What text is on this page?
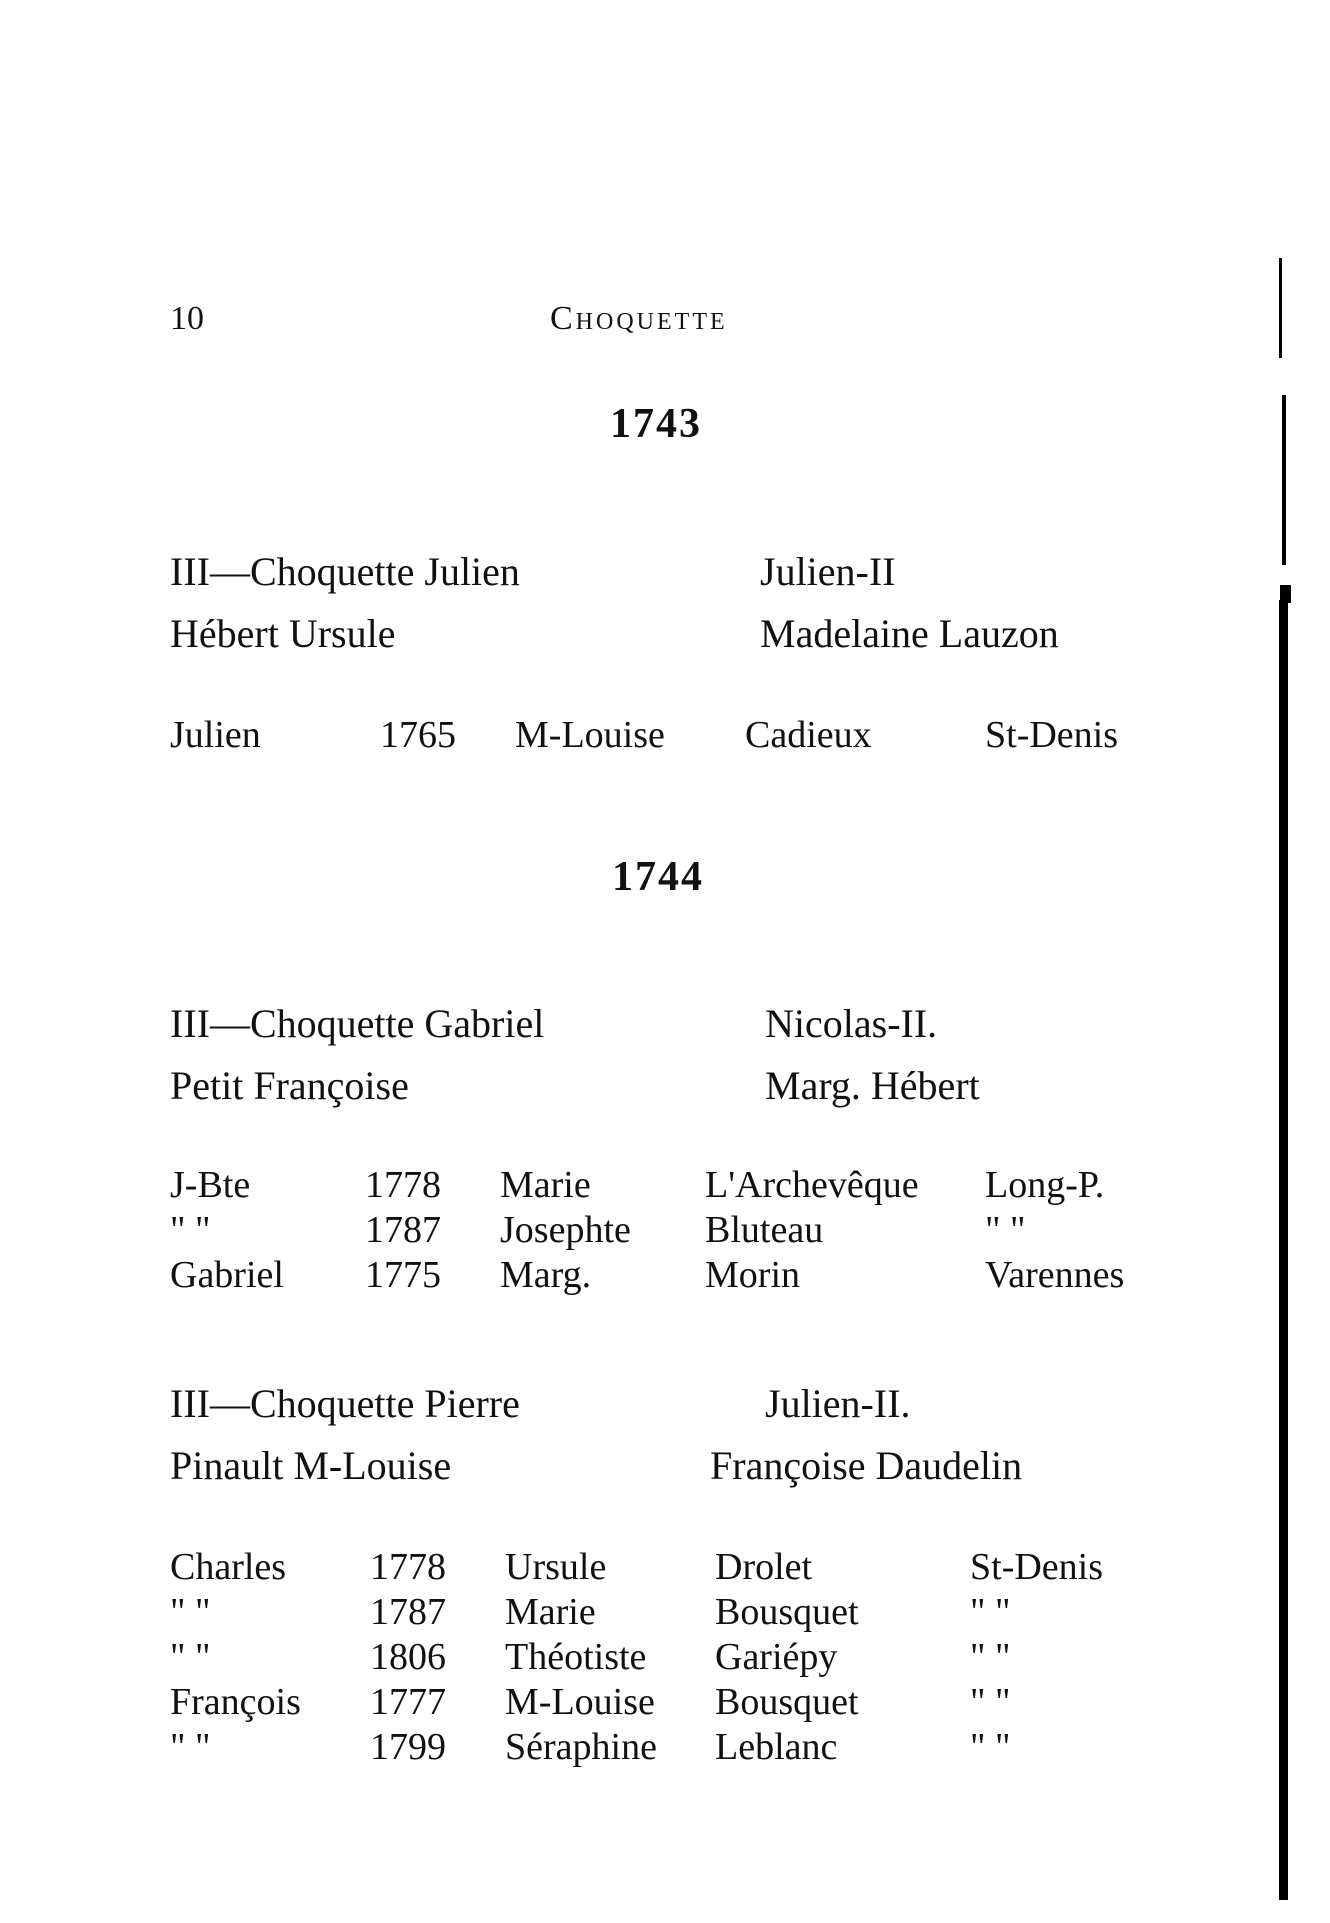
10	Choquette
1743
III—Choquette Julien	Julien-II
Hébert Ursule	Madelaine Lauzon
Julien	1765	M-Louise	Cadieux	St-Denis
1744
III—Choquette Gabriel	Nicolas-II.
Petit Françoise	Marg. Hébert
J-Bte	1778	Marie	L'Archevêque	Long-P.
" "	1787	Josephte	Bluteau	" "
Gabriel	1775	Marg.	Morin	Varennes
III—Choquette Pierre	Julien-II.
Pinault M-Louise	Françoise Daudelin
Charles	1778	Ursule	Drolet	St-Denis
" "	1787	Marie	Bousquet	" "
" "	1806	Théotiste	Gariépy	" "
François	1777	M-Louise	Bousquet	" "
" "	1799	Séraphine	Leblanc	" "
